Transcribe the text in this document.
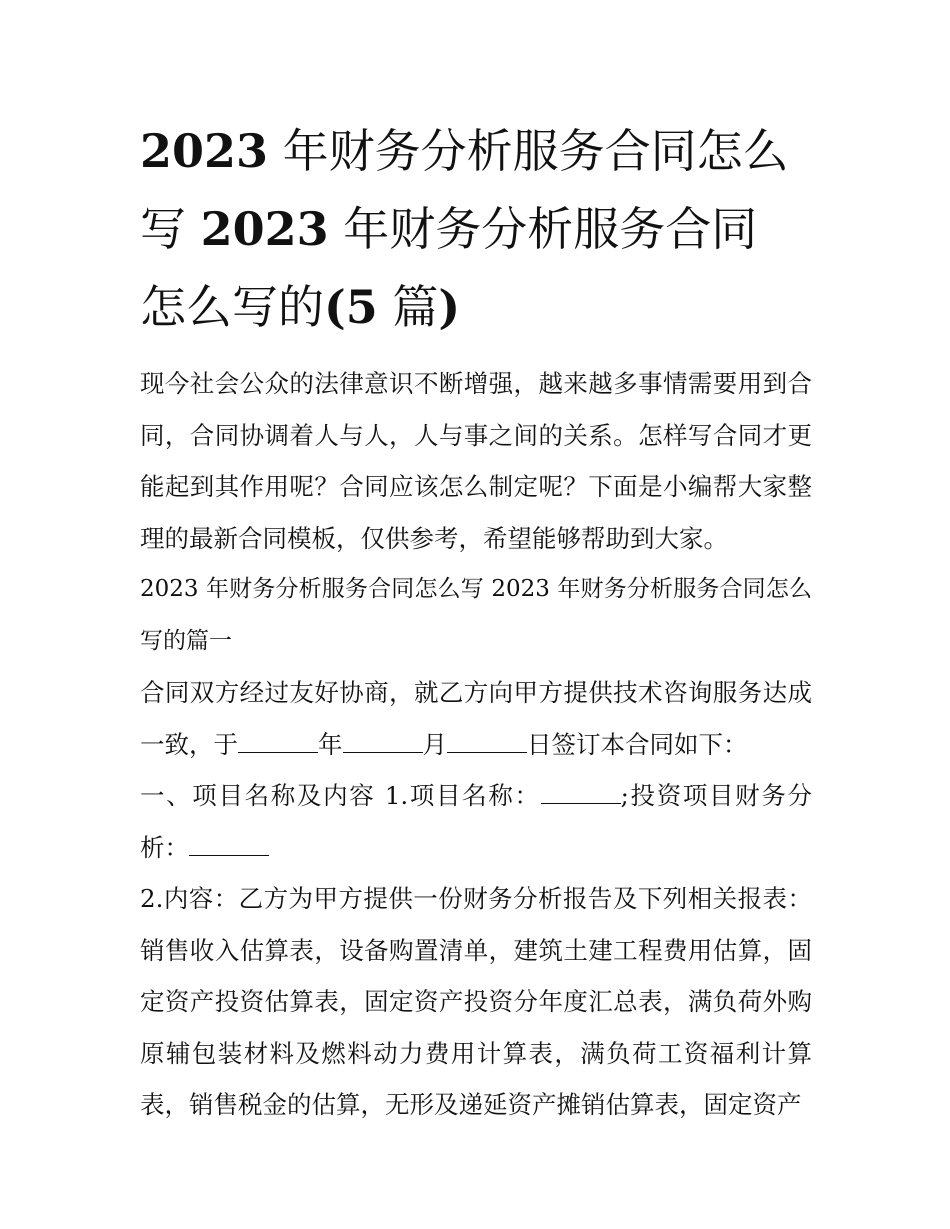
2023 年财务分析服务合同怎么
写 2023 年财务分析服务合同
怎么写的(5 篇)

现今社会公众的法律意识不断增强，越来越多事情需要用到合同，合同协调着人与人，人与事之间的关系。怎样写合同才更能起到其作用呢？合同应该怎么制定呢？下面是小编帮大家整理的最新合同模板，仅供参考，希望能够帮助到大家。

2023 年财务分析服务合同怎么写 2023 年财务分析服务合同怎么写的篇一

合同双方经过友好协商，就乙方向甲方提供技术咨询服务达成一致，于	年	月	日签订本合同如下：

一、项目名称及内容 1.项目名称：	;投资项目财务分析：

2.内容：乙方为甲方提供一份财务分析报告及下列相关报表：销售收入估算表，设备购置清单，建筑土建工程费用估算，固定资产投资估算表，固定资产投资分年度汇总表，满负荷外购原辅包装材料及燃料动力费用计算表，满负荷工资福利计算表，销售税金的估算，无形及递延资产摊销估算表，固定资产
